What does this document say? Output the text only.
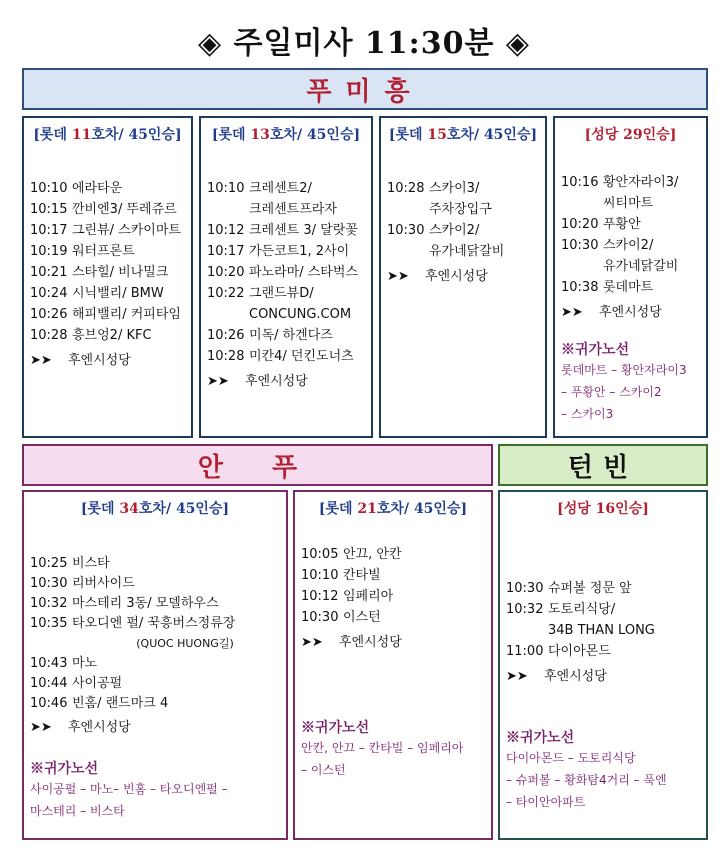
◈ 주일미사 11:30분 ◈
푸미흥
[롯데 11호차/ 45인승]
10:10 에라타운
10:15 깐비엔3/ 뚜레쥬르
10:17 그린뷰/ 스카이마트
10:19 워터프론트
10:21 스타힐/ 비나밀크
10:24 시닉밸리/ BMW
10:26 해피밸리/ 커피타임
10:28 흥브엉2/ KFC
➤➤ 후엔시성당
[롯데 13호차/ 45인승]
10:10 크레센트2/
크레센트프라자
10:12 크레센트 3/ 달랏꽃
10:17 가든코트1, 2사이
10:20 파노라마/ 스타벅스
10:22 그랜드뷰D/
CONCUNG.COM
10:26 미독/ 하겐다즈
10:28 미칸4/ 던킨도너츠
➤➤ 후엔시성당
[롯데 15호차/ 45인승]
10:28 스카이3/
주차장입구
10:30 스카이2/
유가네닭갈비
➤➤ 후엔시성당
[성당 29인승]
10:16 황안자라이3/
씨티마트
10:20 푸황안
10:30 스카이2/
유가네닭갈비
10:38 롯데마트
➤➤ 후엔시성당
※귀가노선
롯데마트 – 황안자라이3
– 푸황안 – 스카이2
– 스카이3
안 푸	턴빈
[롯데 34호차/ 45인승]
10:25 비스타
10:30 리버사이드
10:32 마스테리 3동/ 모델하우스
10:35 타오디엔 펄/ 꾹흥버스정류장
(QUOC HUONG길)
10:43 마노
10:44 사이공펄
10:46 빈홈/ 랜드마크 4
➤➤ 후엔시성당
※귀가노선
사이공펄 – 마노– 빈홈 – 타오디엔펄 –
마스테리 – 비스타
[롯데 21호차/ 45인승]
10:05 안끄, 안칸
10:10 칸타빌
10:12 임페리아
10:30 이스턴
➤➤ 후엔시성당
※귀가노선
안칸, 안끄 – 칸타빌 – 임페리아
– 이스턴
[성당 16인승]
10:30 슈퍼볼 정문 앞
10:32 도토리식당/
34B THAN LONG
11:00 다이아몬드
➤➤ 후엔시성당
※귀가노선
다이아몬드 – 도토리식당
– 슈퍼볼 – 황화탐4거리 – 푹엔
– 타이안아파트
